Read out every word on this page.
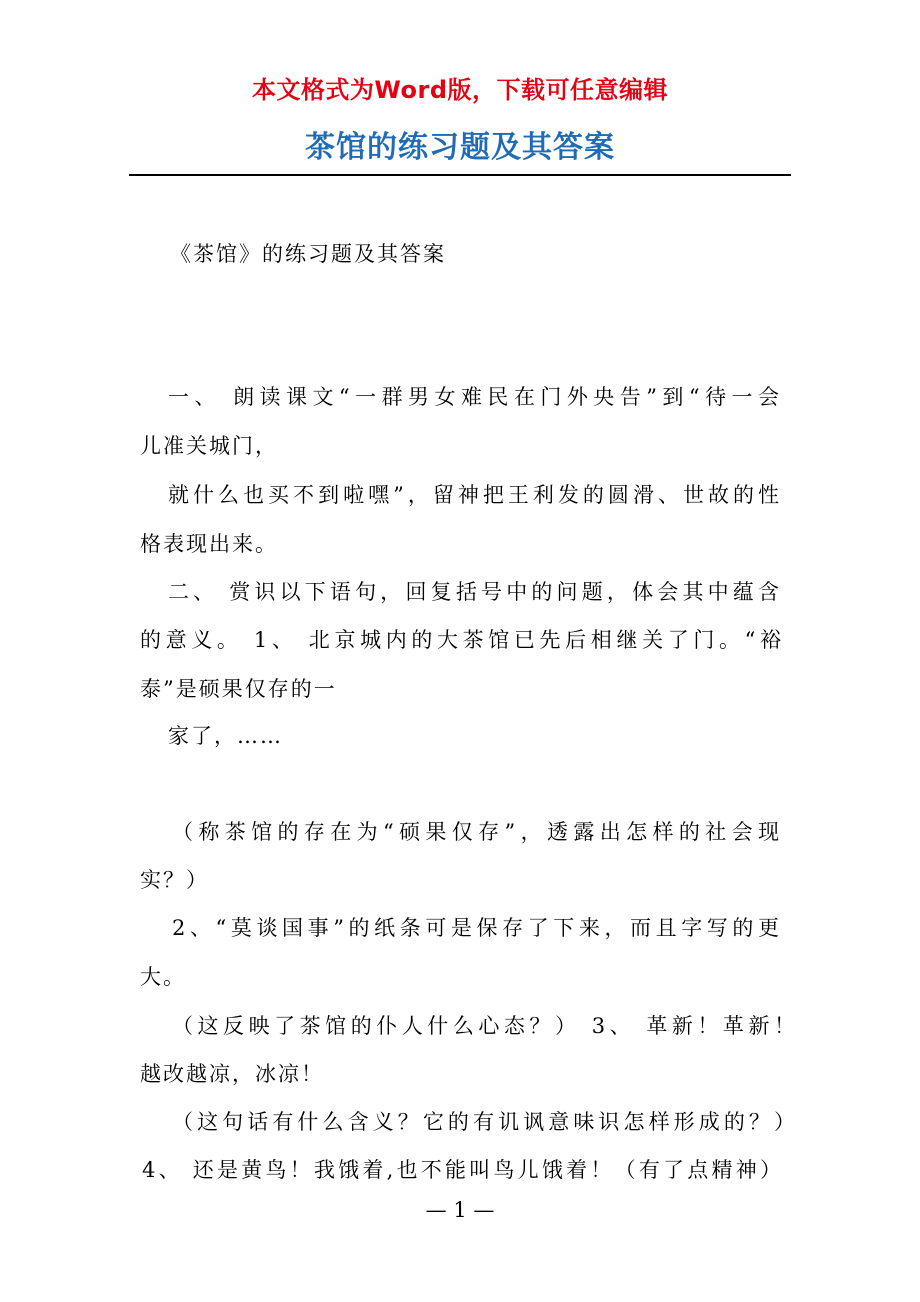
本文格式为Word版，下载可任意编辑
茶馆的练习题及其答案
《茶馆》的练习题及其答案
一、 朗读课文“一群男女难民在门外央告”到“待一会
儿准关城门，
就什么也买不到啦嘿”，留神把王利发的圆滑、世故的性
格表现出来。
二、 赏识以下语句，回复括号中的问题，体会其中蕴含
的意义。 1、 北京城内的大茶馆已先后相继关了门。“裕
泰”是硕果仅存的一
家了，……
（称茶馆的存在为“硕果仅存”，透露出怎样的社会现
实？）
2、“莫谈国事”的纸条可是保存了下来，而且字写的更
大。
（这反映了茶馆的仆人什么心态？） 3、 革新！革新！
越改越凉，冰凉！
（这句话有什么含义？它的有讥讽意味识怎样形成的？）
4、 还是黄鸟！我饿着,也不能叫鸟儿饿着！（有了点精神）
— 1 —
